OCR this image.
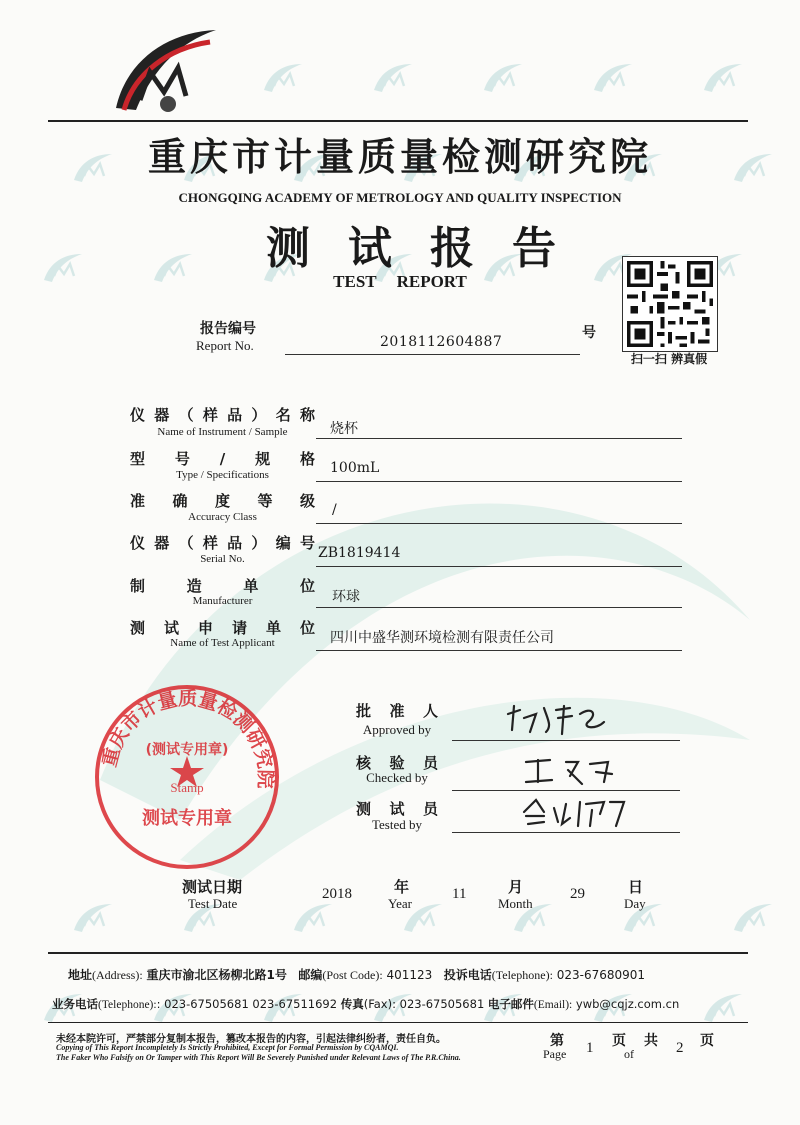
重庆市计量质量检测研究院
CHONGQING ACADEMY OF METROLOGY AND QUALITY INSPECTION
测试报告
TEST REPORT
扫一扫 辨真假
报告编号
Report No.	2018112604887
号
仪器（样品）名称
Name of Instrument / Sample	烧杯
型号/规格
Type / Specifications	100mL
准确度等级
Accuracy Class	/
仪器（样品）编号
Serial No.	ZB1819414
制造单位
Manufacturer	环球
测试申请单位
Name of Test Applicant	四川中盛华测环境检测有限责任公司
重庆市计量质量检测研究院
(测试专用章)
Stamp
测试专用章
批准人
Approved by
核验员
Checked by
测试员
Tested by
测试日期
Test Date
2018	年
Year
11	月
Month
29	日
Day
地址(Address): 重庆市渝北区杨柳北路1号 邮编(Post Code): 401123 投诉电话(Telephone): 023-67680901
业务电话(Telephone):: 023-67505681 023-67511692 传真(Fax): 023-67505681 电子邮件(Email): ywb@cqjz.com.cn
未经本院许可，严禁部分复制本报告，篡改本报告的内容，引起法律纠纷者，责任自负。
Copying of This Report Incompletely Is Strictly Prohibited, Except for Formal Permission by CQAMQI.
The Faker Who Falsify on Or Tamper with This Report Will Be Severely Punished under Relevant Laws of The P.R.China.
第
Page 1 页 共
of	2 页
